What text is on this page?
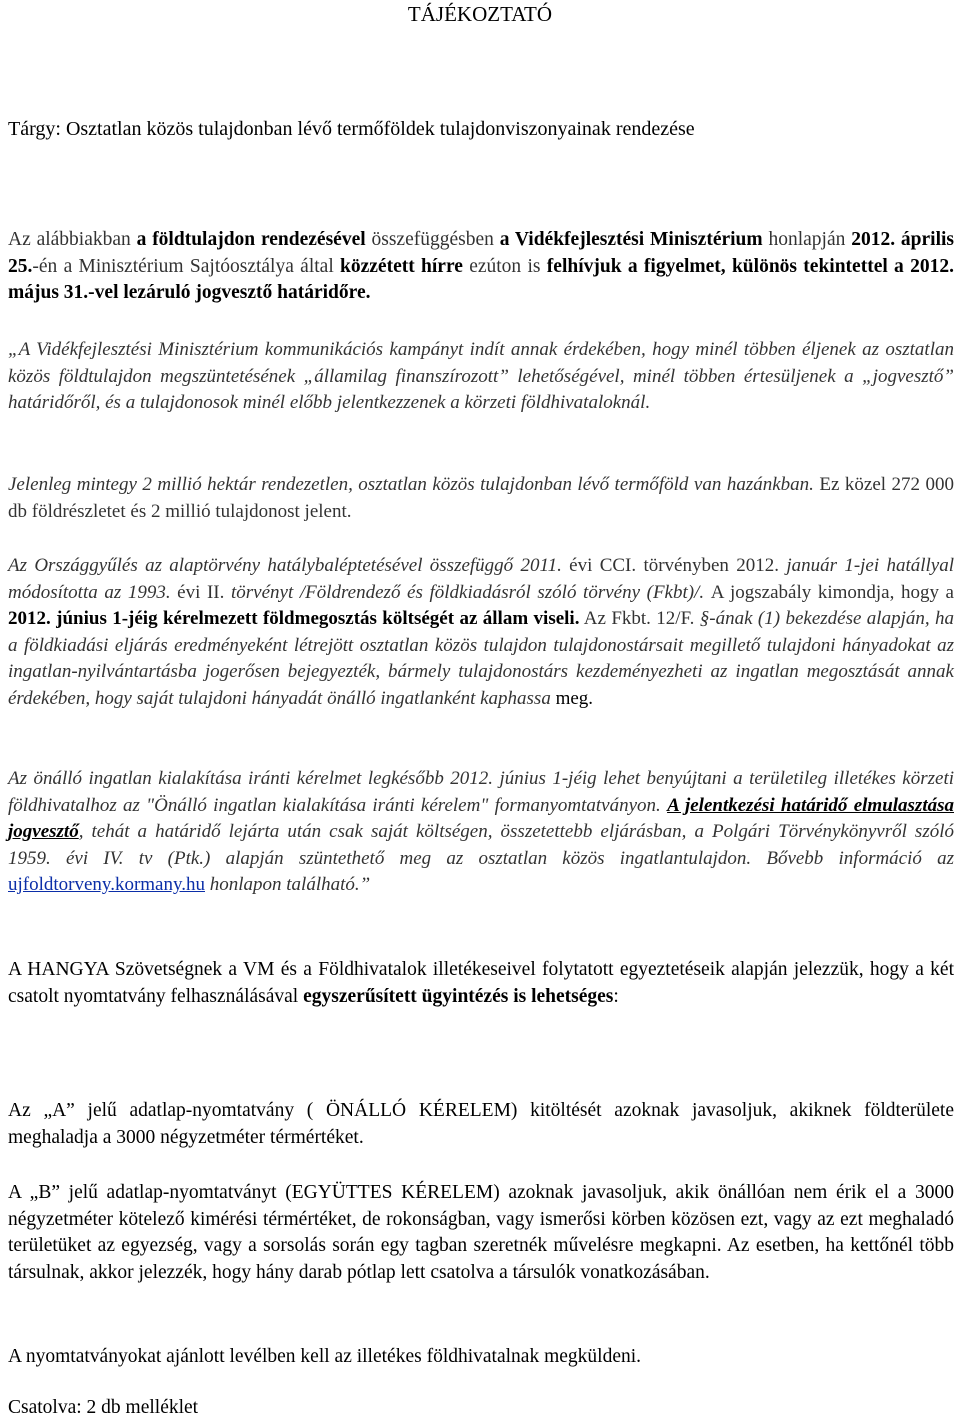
TÁJÉKOZTATÓ
Tárgy: Osztatlan közös tulajdonban lévő termőföldek tulajdonviszonyainak rendezése

Az alábbiakban a földtulajdon rendezésével összefüggésben a Vidékfejlesztési Minisztérium honlapján 2012. április 25.-én a Minisztérium Sajtóosztálya által közzétett hírre ezúton is felhívjuk a figyelmet, különös tekintettel a 2012. május 31.-vel lezáruló jogvesztő határidőre.

„A Vidékfejlesztési Minisztérium kommunikációs kampányt indít annak érdekében, hogy minél többen éljenek az osztatlan közös földtulajdon megszüntetésének „államilag finanszírozott” lehetőségével, minél többen értesüljenek a „jogvesztő” határidőről, és a tulajdonosok minél előbb jelentkezzenek a körzeti földhivataloknál.

Jelenleg mintegy 2 millió hektár rendezetlen, osztatlan közös tulajdonban lévő termőföld van hazánkban. Ez közel 272 000 db földrészletet és 2 millió tulajdonost jelent.

Az Országgyűlés az alaptörvény hatálybaléptetésével összefüggő 2011. évi CCI. törvényben 2012. január 1-jei hatállyal módosította az 1993. évi II. törvényt /Földrendező és földkiadásról szóló törvény (Fkbt)/. A jogszabály kimondja, hogy a 2012. június 1-jéig kérelmezett földmegosztás költségét az állam viseli. Az Fkbt. 12/F. §-ának (1) bekezdése alapján, ha a földkiadási eljárás eredményeként létrejött osztatlan közös tulajdon tulajdonostársait megillető tulajdoni hányadokat az ingatlan-nyilvántartásba jogerősen bejegyezték, bármely tulajdonostárs kezdeményezheti az ingatlan megosztását annak érdekében, hogy saját tulajdoni hányadát önálló ingatlanként kaphassa meg.

Az önálló ingatlan kialakítása iránti kérelmet legkésőbb 2012. június 1-jéig lehet benyújtani a területileg illetékes körzeti földhivatalhoz az "Önálló ingatlan kialakítása iránti kérelem" formanyomtatványon. A jelentkezési határidő elmulasztása jogvesztő, tehát a határidő lejárta után csak saját költségen, összetettebb eljárásban, a Polgári Törvénykönyvről szóló 1959. évi IV. tv (Ptk.) alapján szüntethető meg az osztatlan közös ingatlantulajdon. Bővebb információ az ujfoldtorveny.kormany.hu honlapon található.”

A HANGYA Szövetségnek a VM és a Földhivatalok illetékeseivel folytatott egyeztetéseik alapján jelezzük, hogy a két csatolt nyomtatvány felhasználásával egyszerűsített ügyintézés is lehetséges:

Az „A” jelű adatlap-nyomtatvány ( ÖNÁLLÓ KÉRELEM) kitöltését azoknak javasoljuk, akiknek földterülete meghaladja a 3000 négyzetméter térmértéket.

A „B” jelű adatlap-nyomtatványt (EGYÜTTES KÉRELEM) azoknak javasoljuk, akik önállóan nem érik el a 3000 négyzetméter kötelező kimérési térmértéket, de rokonságban, vagy ismerősi körben közösen ezt, vagy az ezt meghaladó területüket az egyezség, vagy a sorsolás során egy tagban szeretnék művelésre megkapni. Az esetben, ha kettőnél több társulnak, akkor jelezzék, hogy hány darab pótlap lett csatolva a társulók vonatkozásában.

A nyomtatványokat ajánlott levélben kell az illetékes földhivatalnak megküldeni.

Csatolva: 2 db melléklet
